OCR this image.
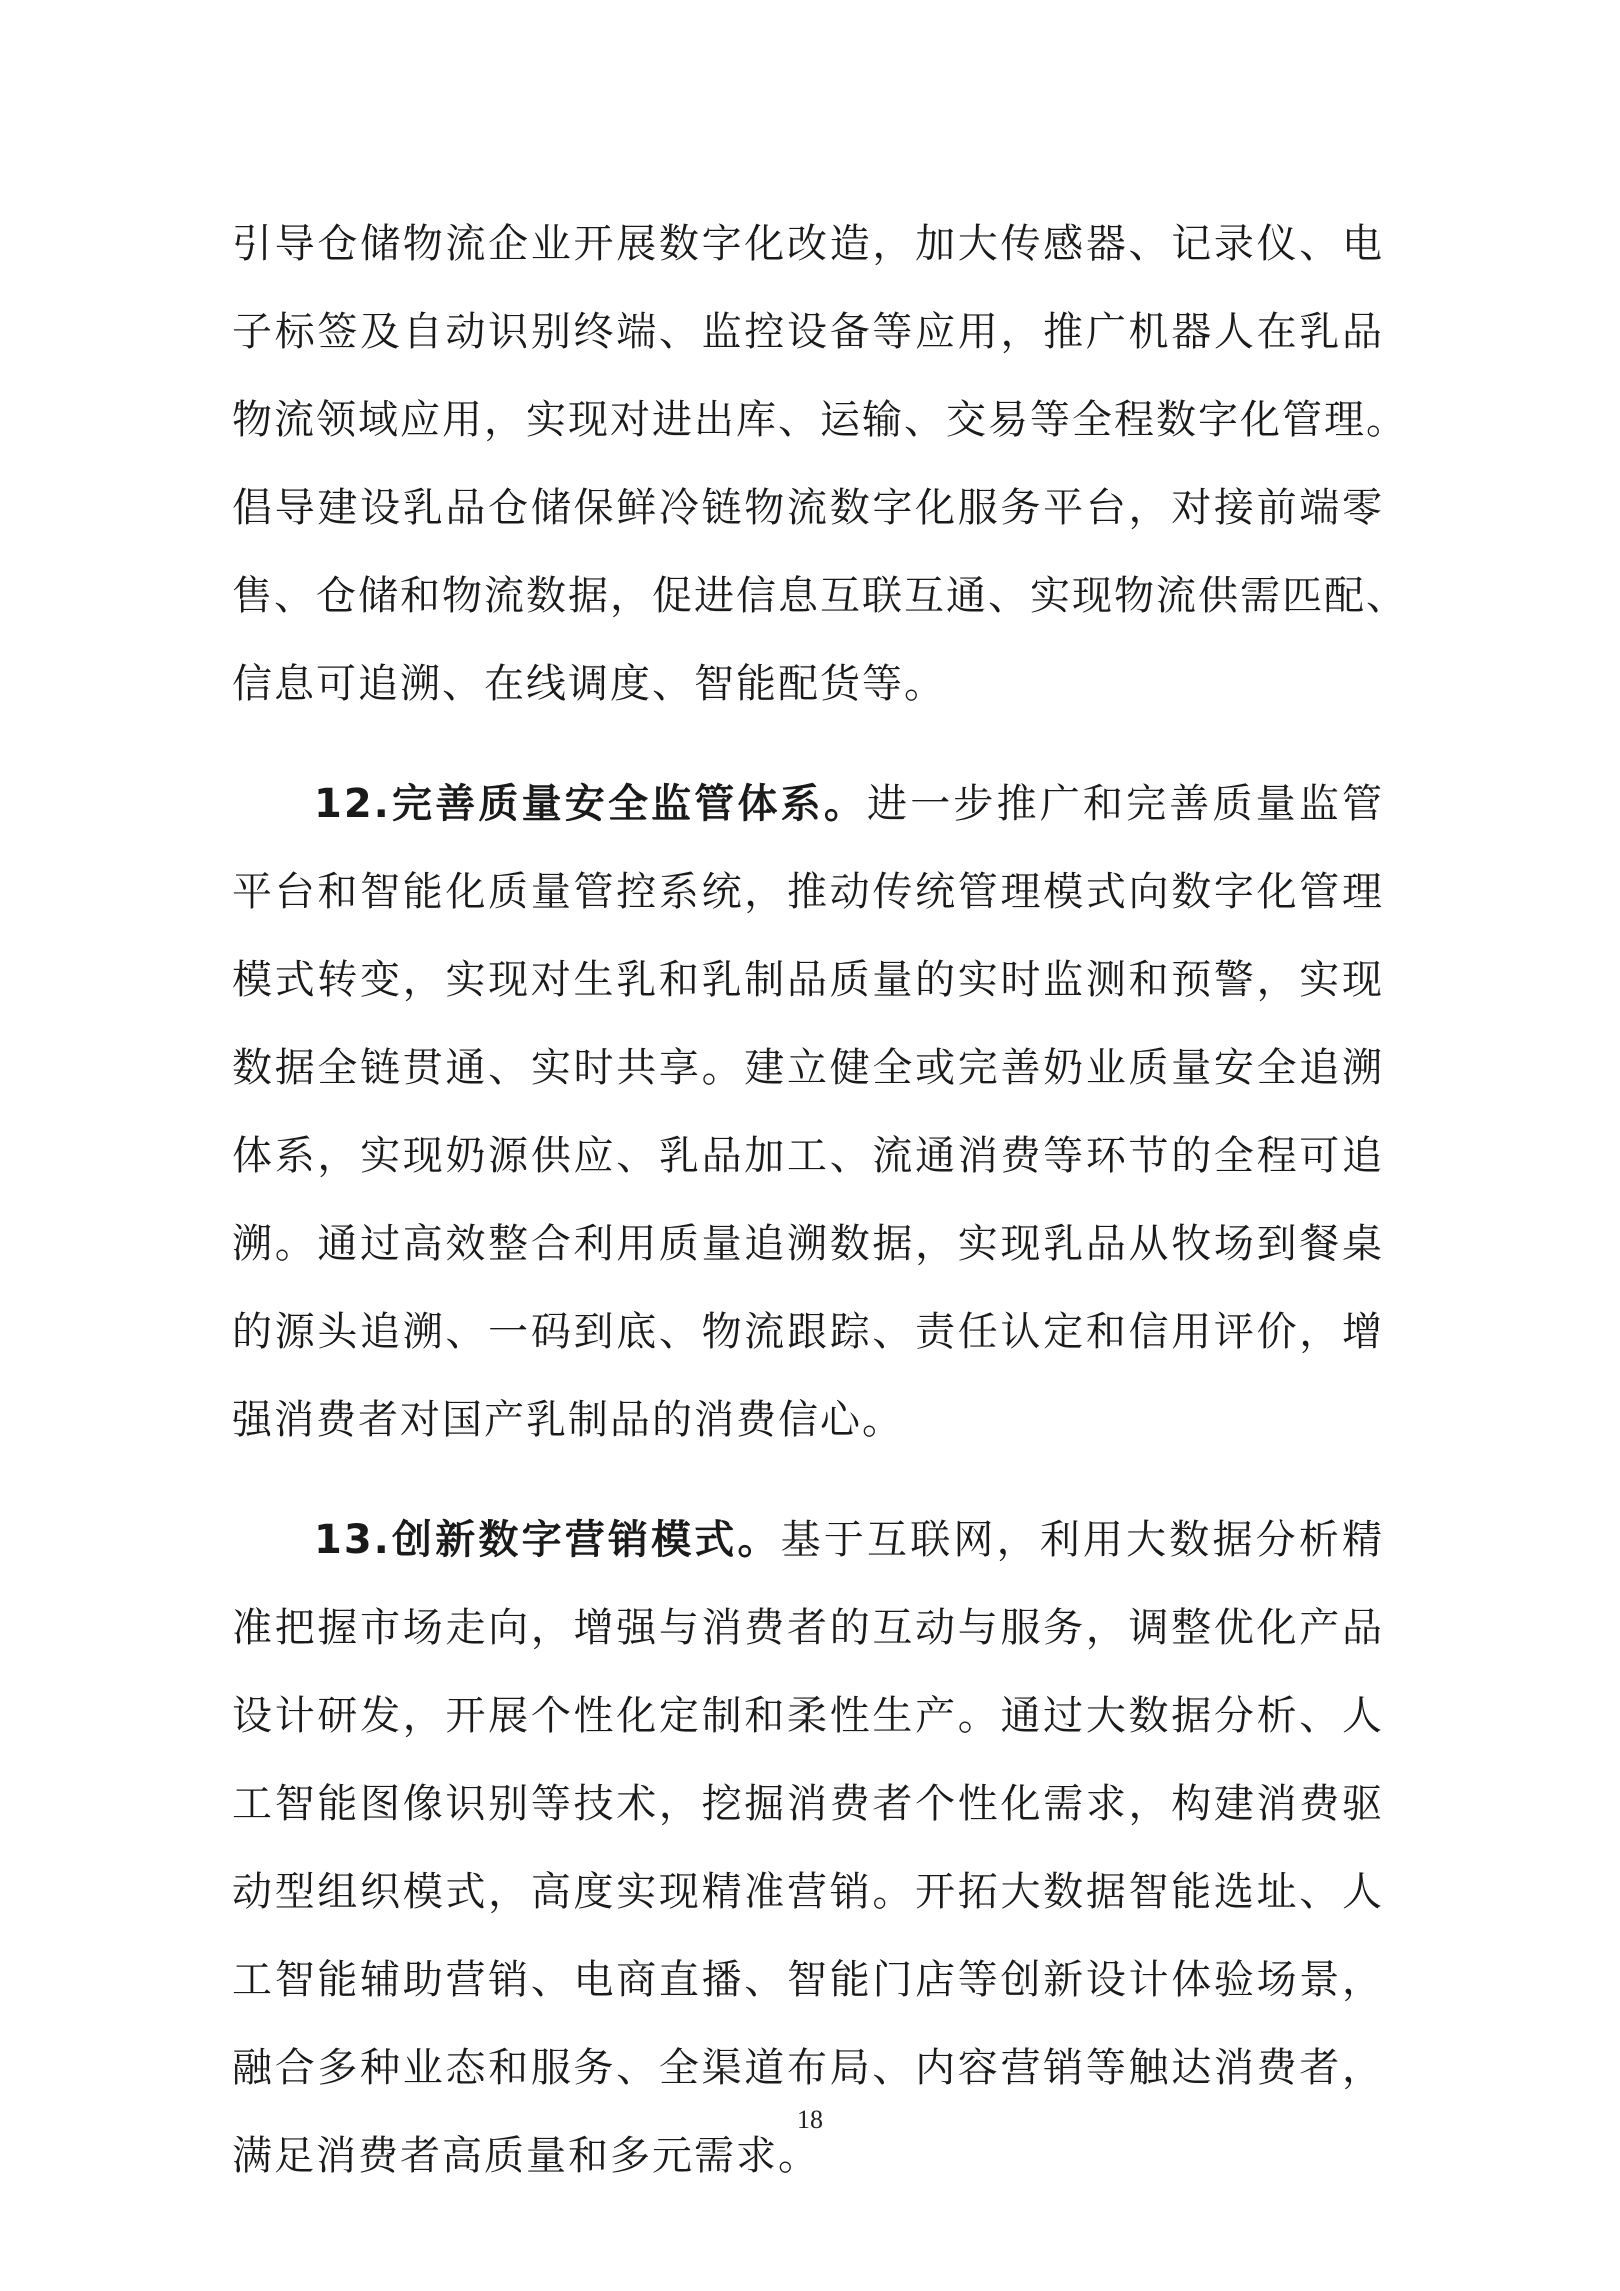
引导仓储物流企业开展数字化改造，加大传感器、记录仪、电
子标签及自动识别终端、监控设备等应用，推广机器人在乳品
物流领域应用，实现对进出库、运输、交易等全程数字化管理。
倡导建设乳品仓储保鲜冷链物流数字化服务平台，对接前端零
售、仓储和物流数据，促进信息互联互通、实现物流供需匹配、
信息可追溯、在线调度、智能配货等。
12.完善质量安全监管体系。进一步推广和完善质量监管
平台和智能化质量管控系统，推动传统管理模式向数字化管理
模式转变，实现对生乳和乳制品质量的实时监测和预警，实现
数据全链贯通、实时共享。建立健全或完善奶业质量安全追溯
体系，实现奶源供应、乳品加工、流通消费等环节的全程可追
溯。通过高效整合利用质量追溯数据，实现乳品从牧场到餐桌
的源头追溯、一码到底、物流跟踪、责任认定和信用评价，增
强消费者对国产乳制品的消费信心。
13.创新数字营销模式。基于互联网，利用大数据分析精
准把握市场走向，增强与消费者的互动与服务，调整优化产品
设计研发，开展个性化定制和柔性生产。通过大数据分析、人
工智能图像识别等技术，挖掘消费者个性化需求，构建消费驱
动型组织模式，高度实现精准营销。开拓大数据智能选址、人
工智能辅助营销、电商直播、智能门店等创新设计体验场景，
融合多种业态和服务、全渠道布局、内容营销等触达消费者，
满足消费者高质量和多元需求。
18
